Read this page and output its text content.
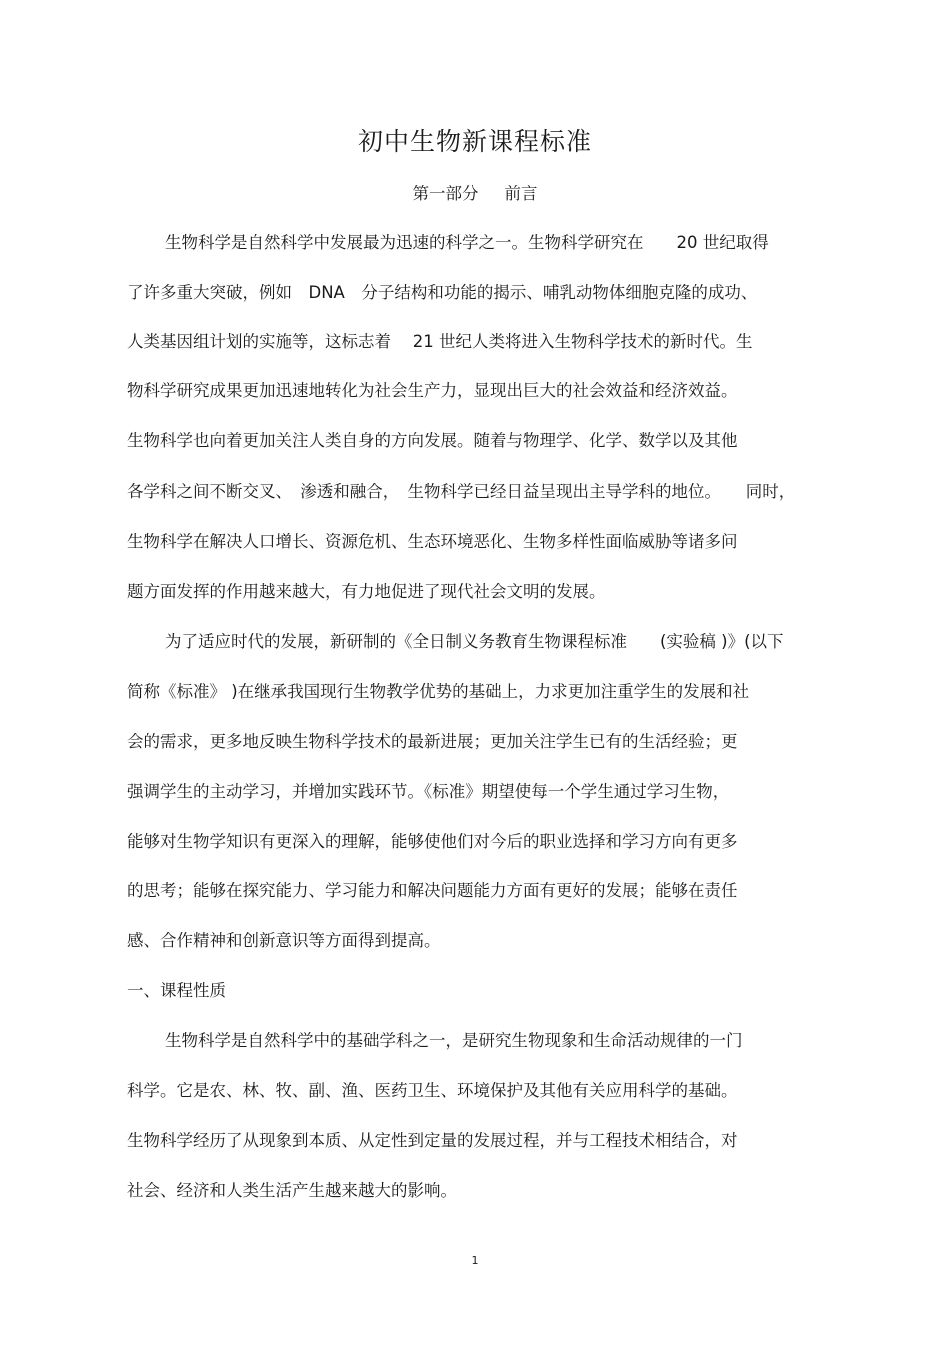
初中生物新课程标准
第一部分 前言
生物科学是自然科学中发展最为迅速的科学之一。生物科学研究在　　20 世纪取得
了许多重大突破，例如　DNA　分子结构和功能的揭示、哺乳动物体细胞克隆的成功、
人类基因组计划的实施等，这标志着　 21 世纪人类将进入生物科学技术的新时代。生
物科学研究成果更加迅速地转化为社会生产力，显现出巨大的社会效益和经济效益。
生物科学也向着更加关注人类自身的方向发展。随着与物理学、化学、数学以及其他
各学科之间不断交叉、　渗透和融合，　生物科学已经日益呈现出主导学科的地位。　　同时，
生物科学在解决人口增长、资源危机、生态环境恶化、生物多样性面临威胁等诸多问
题方面发挥的作用越来越大，有力地促进了现代社会文明的发展。
为了适应时代的发展，新研制的《全日制义务教育生物课程标准　　(实验稿 )》(以下
简称《标准》 )在继承我国现行生物教学优势的基础上，力求更加注重学生的发展和社
会的需求，更多地反映生物科学技术的最新进展；更加关注学生已有的生活经验；更
强调学生的主动学习，并增加实践环节。《标准》期望使每一个学生通过学习生物，
能够对生物学知识有更深入的理解，能够使他们对今后的职业选择和学习方向有更多
的思考；能够在探究能力、学习能力和解决问题能力方面有更好的发展；能够在责任
感、合作精神和创新意识等方面得到提高。
一、课程性质
生物科学是自然科学中的基础学科之一，是研究生物现象和生命活动规律的一门
科学。它是农、林、牧、副、渔、医药卫生、环境保护及其他有关应用科学的基础。
生物科学经历了从现象到本质、从定性到定量的发展过程，并与工程技术相结合，对
社会、经济和人类生活产生越来越大的影响。
1
